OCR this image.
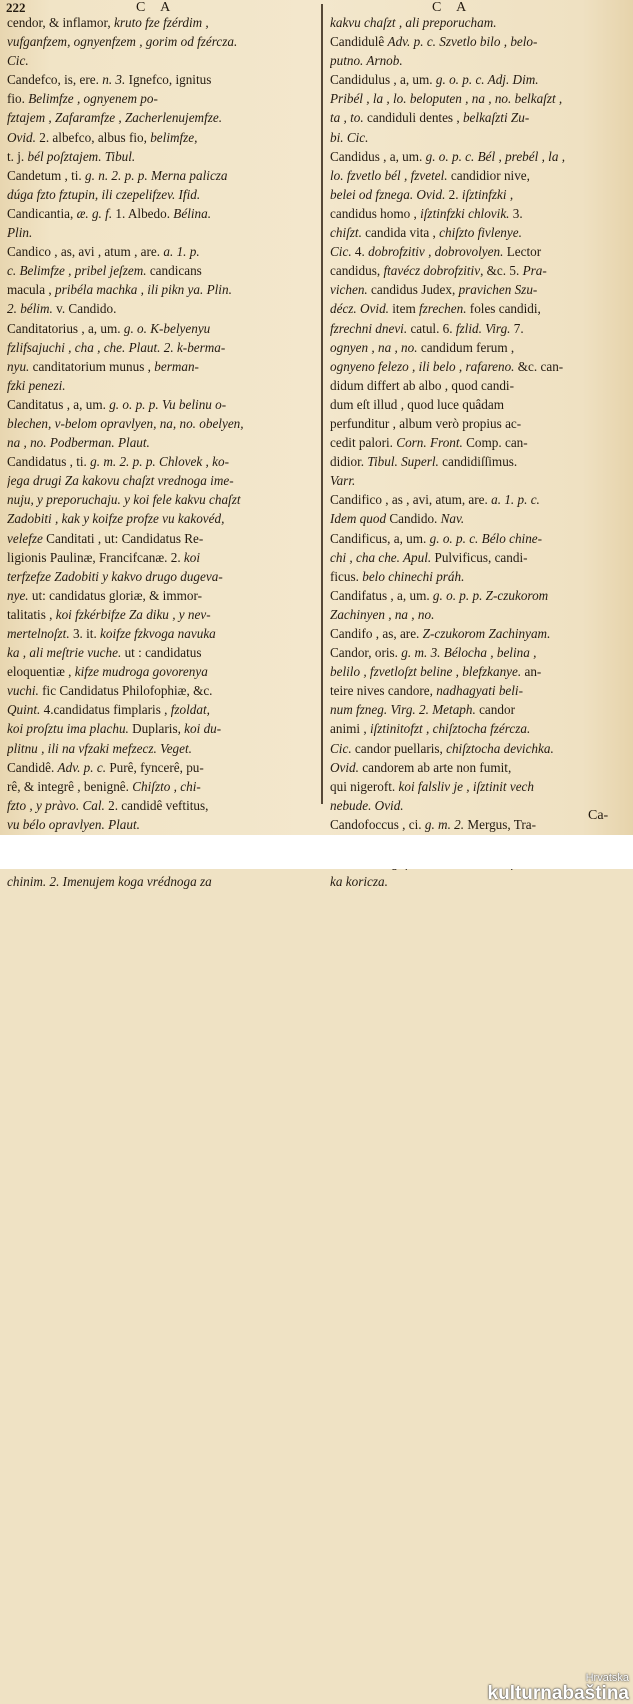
222	C A	C A
cendor, & inflamor, kruto fze fzérdim ,
vufganfzem, ognyenfzem , gorim od fzércza.
Cic.
Candefco, is, ere. n. 3. Ignefco, ignitus
fio. Belimfze , ognyenem po-
fztajem , Zafaramfze , Zacherlenujemfze.
Ovid. 2. albefco, albus fio, belimfze,
t. j. bél poſztajem. Tibul.
Candetum , ti. g. n. 2. p. p. Merna palicza
dúga fzto fztupin, ili czepelifzev. Ifid.
Candicantia, æ. g. f. 1. Albedo. Bélina.
Plin.
Candico , as, avi , atum , are. a. 1. p.
c. Belimfze , pribel jeſzem. candicans
macula , pribéla machka , ili pikn ya. Plin.
2. bélim. v. Candido.
Canditatorius , a, um. g. o. K-belyenyu
fzlifsajuchi , cha , che. Plaut. 2. k-berma-
nyu. canditatorium munus , berman-
fzki penezi.
Canditatus , a, um. g. o. p. p. Vu belinu o-
blechen, v-belom opravlyen, na, no. obelyen,
na , no. Podberman. Plaut.
Candidatus , ti. g. m. 2. p. p. Chlovek , ko-
jega drugi Za kakovu chaſzt vrednoga ime-
nuju, y preporuchaju. y koi fele kakvu chaſzt
Zadobiti , kak y koifze profze vu kakovéd,
velefze Canditati , ut: Candidatus Re-
ligionis Paulinæ, Francifcanæ. 2. koi
terfzefze Zadobiti y kakvo drugo dugeva-
nye. ut: candidatus gloriæ, & immor-
talitatis , koi fzkérbifze Za diku , y nev-
mertelnoſzt. 3. it. koifze fzkvoga navuka
ka , ali meſtrie vuche. ut : candidatus
eloquentiæ , kifze mudroga govorenya
vuchi. fic Candidatus Philofophiæ, &c.
Quint. 4.candidatus fimplaris , fzoldat,
koi proſztu ima plachu. Duplaris, koi du-
plitnu , ili na vfzaki mefzecz. Veget.
Candidê. Adv. p. c. Purê, fyncerê, pu-
rê, & integrê , benignê. Chiſzto , chi-
fzto , y pràvo. Cal. 2. candidê veftitus,
vu bélo opravlyen. Plaut.
chinim. 2. Imenujem koga vrédnoga za
kakvu chaſzt , ali preporucham.
Candidulê Adv. p. c. Szvetlo bilo , belo-
putno. Arnob.
Candidulus , a, um. g. o. p. c. Adj. Dim.
Pribél , la , lo. beloputen , na , no. belkaſzt ,
ta , to. candiduli dentes , belkaſzti Zu-
bi. Cic.
Candidus , a, um. g. o. p. c. Bél , prebél , la ,
lo. fzvetlo bél , fzvetel. candidior nive,
belei od fznega. Ovid. 2. iſztinfzki ,
candidus homo , iſztinfzki chlovik. 3.
chiſzt. candida vita , chiſzto fivlenye.
Cic. 4. dobrofzitiv , dobrovolyen. Lector
candidus, ftavécz dobrofzitiv, &c. 5. Pra-
vichen. candidus Judex, pravichen Szu-
décz. Ovid. item fzrechen. foles candidi,
fzrechni dnevi. catul. 6. fzlid. Virg. 7.
ognyen , na , no. candidum ferum ,
ognyeno felezo , ili belo , rafareno. &c. can-
didum differt ab albo , quod candi-
dum eſt illud , quod luce quâdam
perfunditur , album verò propius ac-
cedit palori. Corn. Front. Comp. can-
didior. Tibul. Superl. candidiſſimus.
Varr.
Candifico , as , avi, atum, are. a. 1. p. c.
Idem quod Candido. Nav.
Candificus, a, um. g. o. p. c. Bélo chine-
chi , cha che. Apul. Pulvificus, candi-
ficus. belo chinechi práh.
Candifatus , a, um. g. o. p. p. Z-czukorom
Zachinyen , na , no.
Candifo , as, are. Z-czukorom Zachinyam.
Candor, oris. g. m. 3. Bélocha , belina ,
belilo , fzvetloſzt beline , blefzkanye. an-
teire nives candore, nadhagyati beli-
num fzneg. Virg. 2. Metaph. candor
animi , iſztinitofzt , chiſztocha fzércza.
Cic. candor puellaris, chiſztocha devichka.
Ovid. candorem ab arte non fumit,
qui nigeroft. koi falsliv je , iſztinit vech
nebude. Ovid.
Candofoccus , ci. g. m. 2. Mergus, Tra-
ka koricza.
Ca-
Hrvatska
kulturnabaština
